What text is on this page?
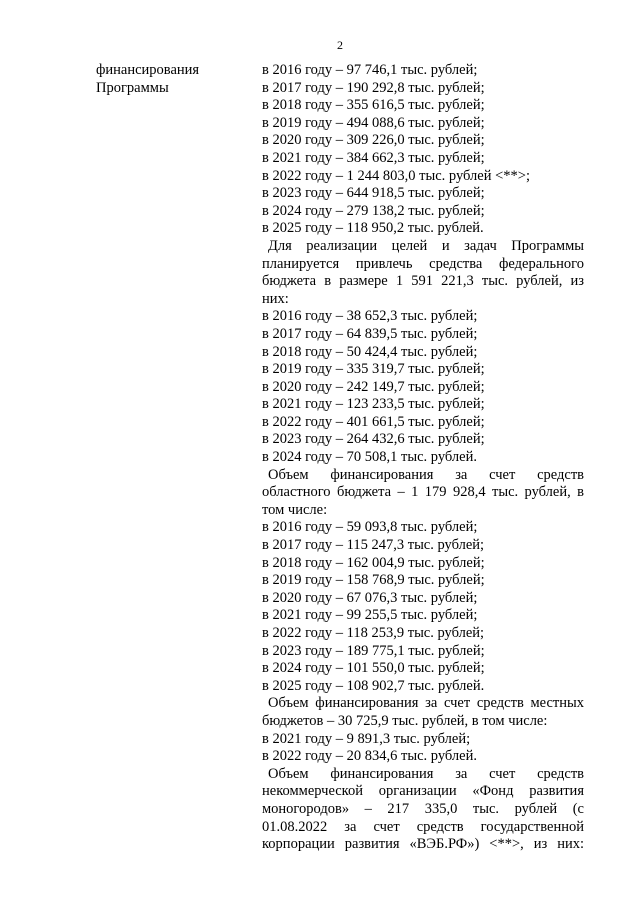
2
финансирования
Программы
в 2016 году – 97 746,1 тыс. рублей;
в 2017 году – 190 292,8 тыс. рублей;
в 2018 году – 355 616,5 тыс. рублей;
в 2019 году – 494 088,6 тыс. рублей;
в 2020 году – 309 226,0 тыс. рублей;
в 2021 году – 384 662,3 тыс. рублей;
в 2022 году – 1 244 803,0 тыс. рублей <**>;
в 2023 году – 644 918,5 тыс. рублей;
в 2024 году – 279 138,2 тыс. рублей;
в 2025 году – 118 950,2 тыс. рублей.
Для реализации целей и задач Программы
планируется привлечь средства федерального
бюджета в размере 1 591 221,3 тыс. рублей, из
них:
в 2016 году – 38 652,3 тыс. рублей;
в 2017 году – 64 839,5 тыс. рублей;
в 2018 году – 50 424,4 тыс. рублей;
в 2019 году – 335 319,7 тыс. рублей;
в 2020 году – 242 149,7 тыс. рублей;
в 2021 году – 123 233,5 тыс. рублей;
в 2022 году – 401 661,5 тыс. рублей;
в 2023 году – 264 432,6 тыс. рублей;
в 2024 году – 70 508,1 тыс. рублей.
Объем финансирования за счет средств
областного бюджета – 1 179 928,4 тыс. рублей, в
том числе:
в 2016 году – 59 093,8 тыс. рублей;
в 2017 году – 115 247,3 тыс. рублей;
в 2018 году – 162 004,9 тыс. рублей;
в 2019 году – 158 768,9 тыс. рублей;
в 2020 году – 67 076,3 тыс. рублей;
в 2021 году – 99 255,5 тыс. рублей;
в 2022 году – 118 253,9 тыс. рублей;
в 2023 году – 189 775,1 тыс. рублей;
в 2024 году – 101 550,0 тыс. рублей;
в 2025 году – 108 902,7 тыс. рублей.
Объем финансирования за счет средств местных
бюджетов – 30 725,9 тыс. рублей, в том числе:
в 2021 году – 9 891,3 тыс. рублей;
в 2022 году – 20 834,6 тыс. рублей.
Объем финансирования за счет средств
некоммерческой организации «Фонд развития
моногородов» – 217 335,0 тыс. рублей (с
01.08.2022 за счет средств государственной
корпорации развития «ВЭБ.РФ») <**>, из них:
